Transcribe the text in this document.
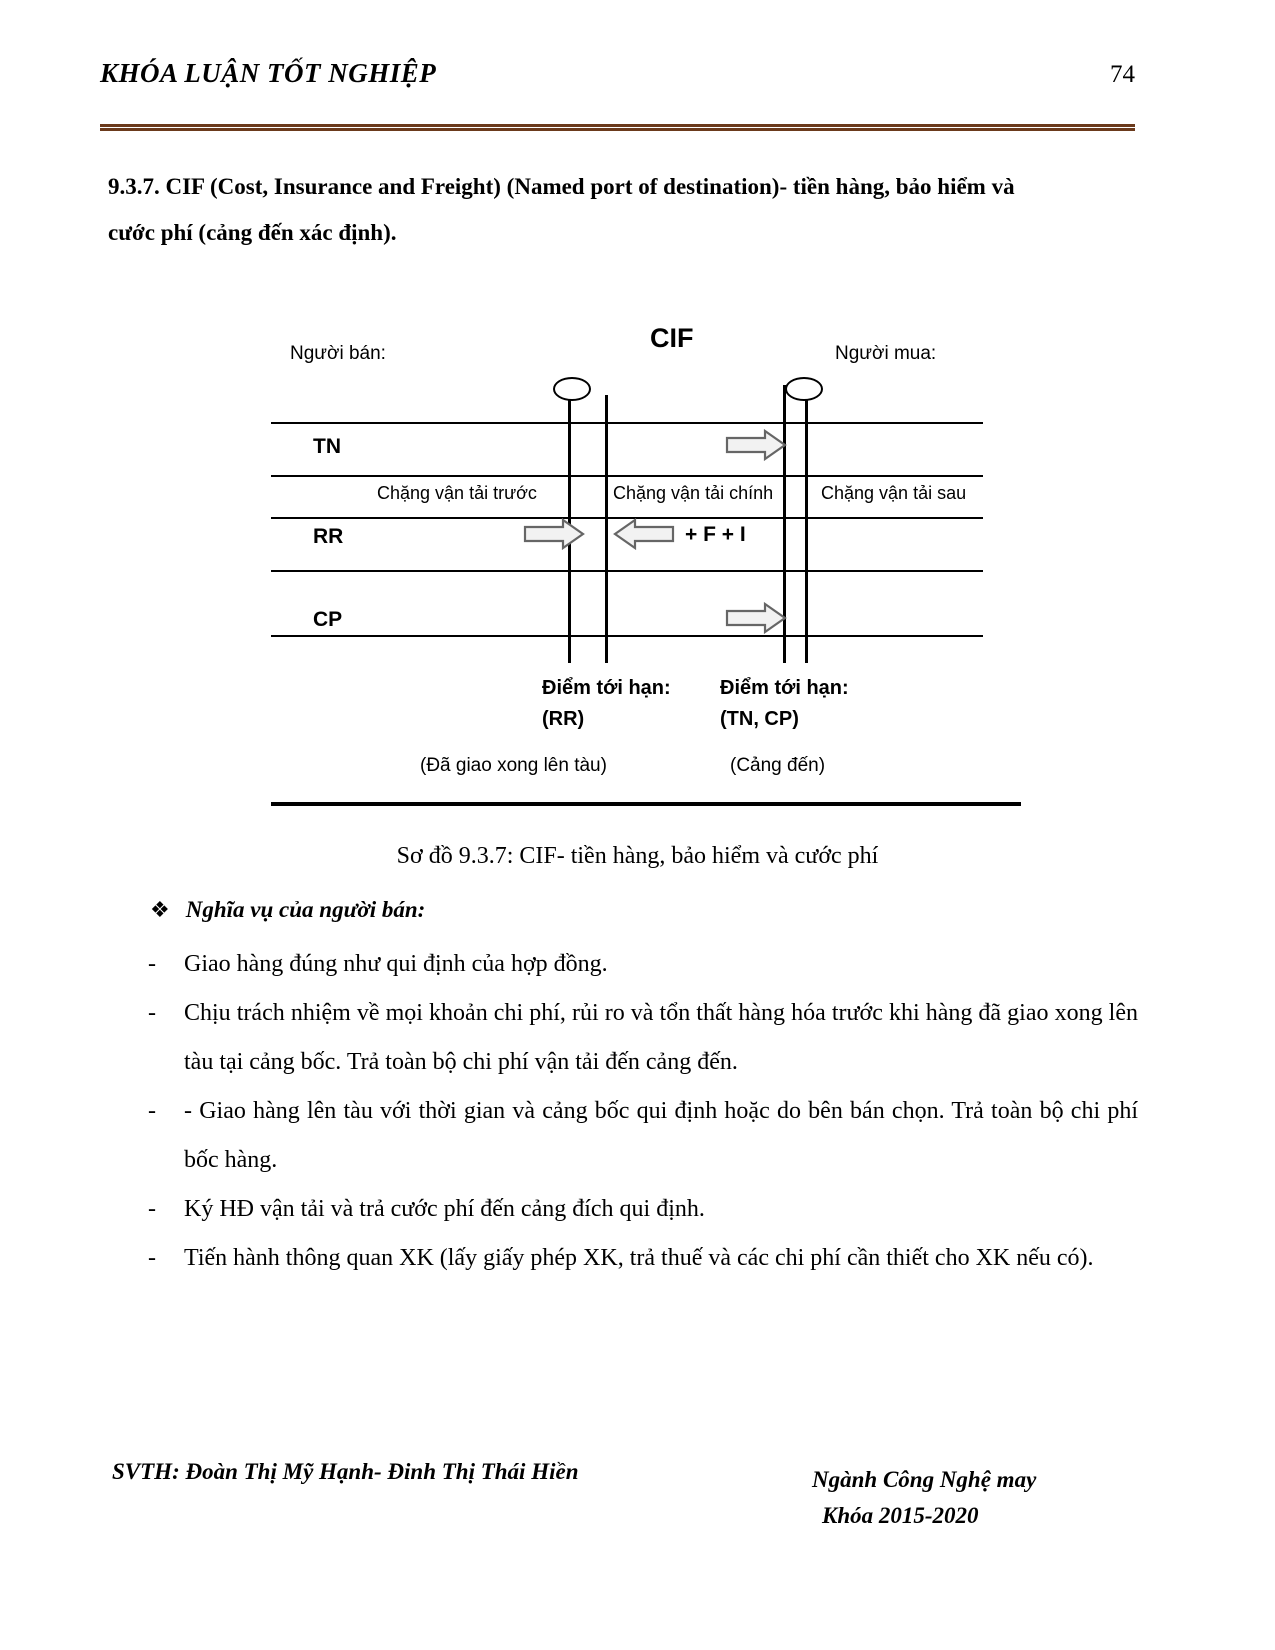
KHÓA LUẬN TỐT NGHIỆP	74
9.3.7. CIF (Cost, Insurance and Freight) (Named port of destination)- tiền hàng, bảo hiểm và
cước phí (cảng đến xác định).
CIF
Người bán:	Người mua:
TN
RR
CP
Chặng vận tải trước	Chặng vận tải chính	Chặng vận tải sau
+ F + I
Điểm tới hạn:
(RR)
Điểm tới hạn:
(TN, CP)
(Đã giao xong lên tàu)	(Cảng đến)
Sơ đồ 9.3.7: CIF- tiền hàng, bảo hiểm và cước phí
❖ Nghĩa vụ của người bán:
-	Giao hàng đúng như qui định của hợp đồng.
-	Chịu trách nhiệm về mọi khoản chi phí, rủi ro và tổn thất hàng hóa trước khi hàng đã giao xong lên tàu tại cảng bốc. Trả toàn bộ chi phí vận tải đến cảng đến.
-	- Giao hàng lên tàu với thời gian và cảng bốc qui định hoặc do bên bán chọn. Trả toàn bộ chi phí bốc hàng.
-	Ký HĐ vận tải và trả cước phí đến cảng đích qui định.
-	Tiến hành thông quan XK (lấy giấy phép XK, trả thuế và các chi phí cần thiết cho XK nếu có).
SVTH: Đoàn Thị Mỹ Hạnh- Đinh Thị Thái Hiền	Ngành Công Nghệ may
Khóa 2015-2020
